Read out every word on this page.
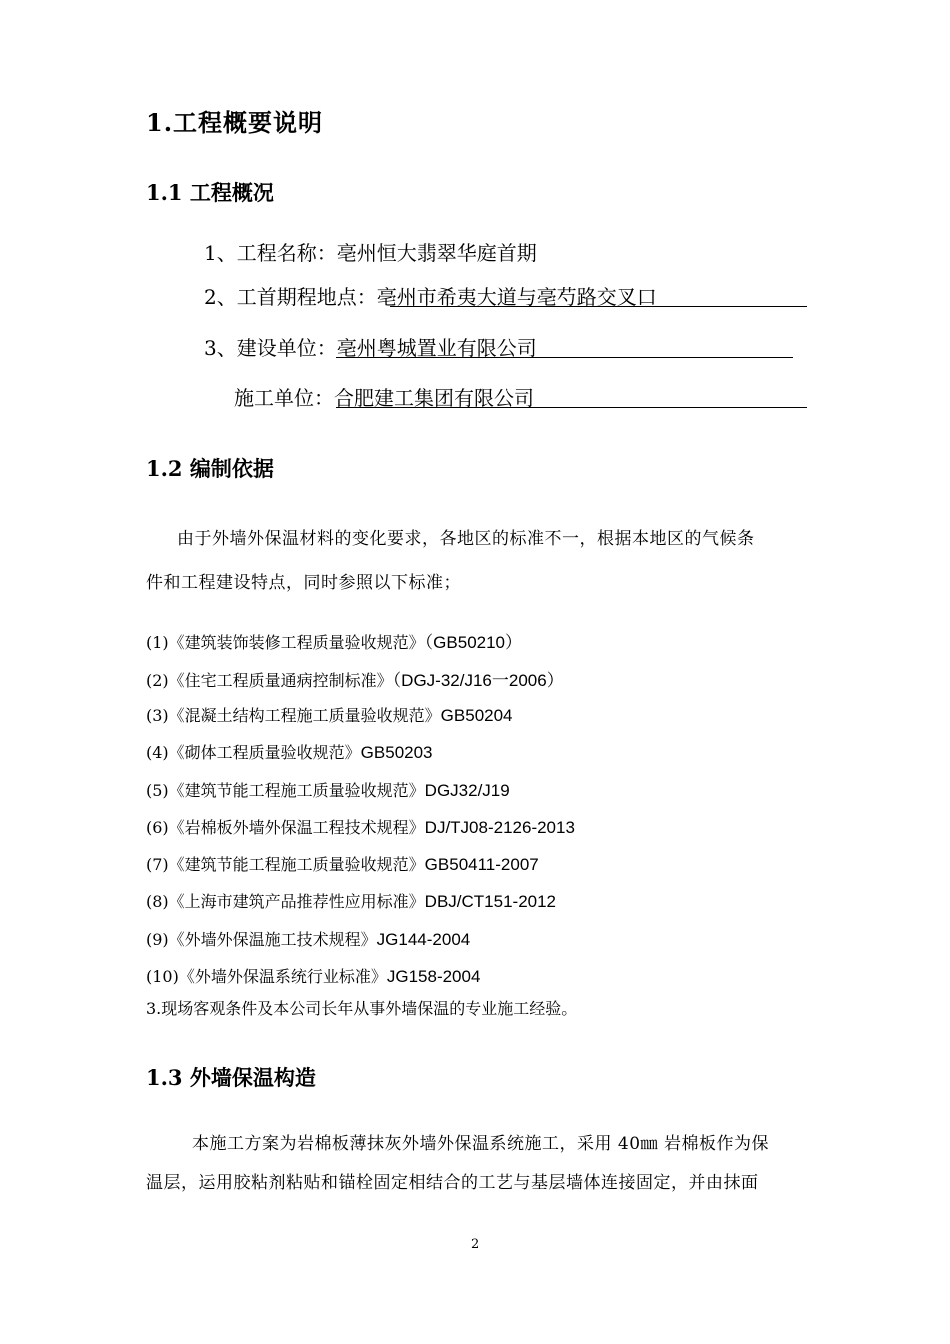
1.工程概要说明
1.1 工程概况
1、工程名称：亳州恒大翡翠华庭首期
2、工首期程地点：亳州市希夷大道与亳芍路交叉口
3、建设单位：亳州粤城置业有限公司
施工单位：合肥建工集团有限公司
1.2 编制依据
由于外墙外保温材料的变化要求，各地区的标准不一，根据本地区的气候条
件和工程建设特点，同时参照以下标准；
(1)《建筑装饰装修工程质量验收规范》（GB50210）
(2)《住宅工程质量通病控制标准》（DGJ-32/J16一2006）
(3)《混凝土结构工程施工质量验收规范》GB50204
(4)《砌体工程质量验收规范》GB50203
(5)《建筑节能工程施工质量验收规范》DGJ32/J19
(6)《岩棉板外墙外保温工程技术规程》DJ/TJ08-2126-2013
(7)《建筑节能工程施工质量验收规范》GB50411-2007
(8)《上海市建筑产品推荐性应用标准》DBJ/CT151-2012
(9)《外墙外保温施工技术规程》JG144-2004
(10)《外墙外保温系统行业标准》JG158-2004
3.现场客观条件及本公司长年从事外墙保温的专业施工经验。
1.3 外墙保温构造
本施工方案为岩棉板薄抹灰外墙外保温系统施工，采用 40㎜ 岩棉板作为保
温层，运用胶粘剂粘贴和锚栓固定相结合的工艺与基层墙体连接固定，并由抹面
2
